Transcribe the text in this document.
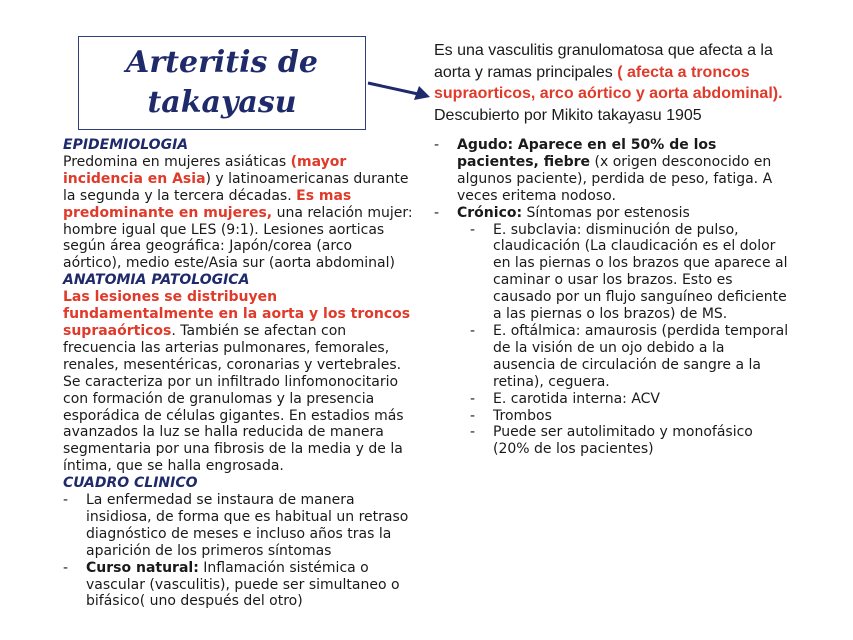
Arteritis de
takayasu
Es una vasculitis granulomatosa que afecta a la aorta y ramas principales ( afecta a troncos supraorticos, arco aórtico y aorta abdominal). Descubierto por Mikito takayasu 1905

EPIDEMIOLOGIA

Predomina en mujeres asiáticas (mayor incidencia en Asia) y latinoamericanas durante la segunda y la tercera décadas. Es mas predominante en mujeres, una relación mujer: hombre igual que LES (9:1). Lesiones aorticas según área geográfica: Japón/corea (arco aórtico), medio este/Asia sur (aorta abdominal)

ANATOMIA PATOLOGICA

Las lesiones se distribuyen fundamentalmente en la aorta y los troncos supraaórticos. También se afectan con frecuencia las arterias pulmonares, femorales, renales, mesentéricas, coronarias y vertebrales. Se caracteriza por un infiltrado linfomonocitario con formación de granulomas y la presencia esporádica de células gigantes. En estadios más avanzados la luz se halla reducida de manera segmentaria por una fibrosis de la media y de la íntima, que se halla engrosada.

CUADRO CLINICO

- La enfermedad se instaura de manera insidiosa, de forma que es habitual un retraso diagnóstico de meses e incluso años tras la aparición de los primeros síntomas
- Curso natural: Inflamación sistémica o vascular (vasculitis), puede ser simultaneo o bifásico( uno después del otro)
- Agudo: Aparece en el 50% de los pacientes, fiebre (x origen desconocido en algunos paciente), perdida de peso, fatiga. A veces eritema nodoso.
- Crónico: Síntomas por estenosis
- E. subclavia: disminución de pulso, claudicación (La claudicación es el dolor en las piernas o los brazos que aparece al caminar o usar los brazos. Esto es causado por un flujo sanguíneo deficiente a las piernas o los brazos) de MS.
- E. oftálmica: amaurosis (perdida temporal de la visión de un ojo debido a la ausencia de circulación de sangre a la retina), ceguera.
- E. carotida interna: ACV
- Trombos
- Puede ser autolimitado y monofásico (20% de los pacientes)
